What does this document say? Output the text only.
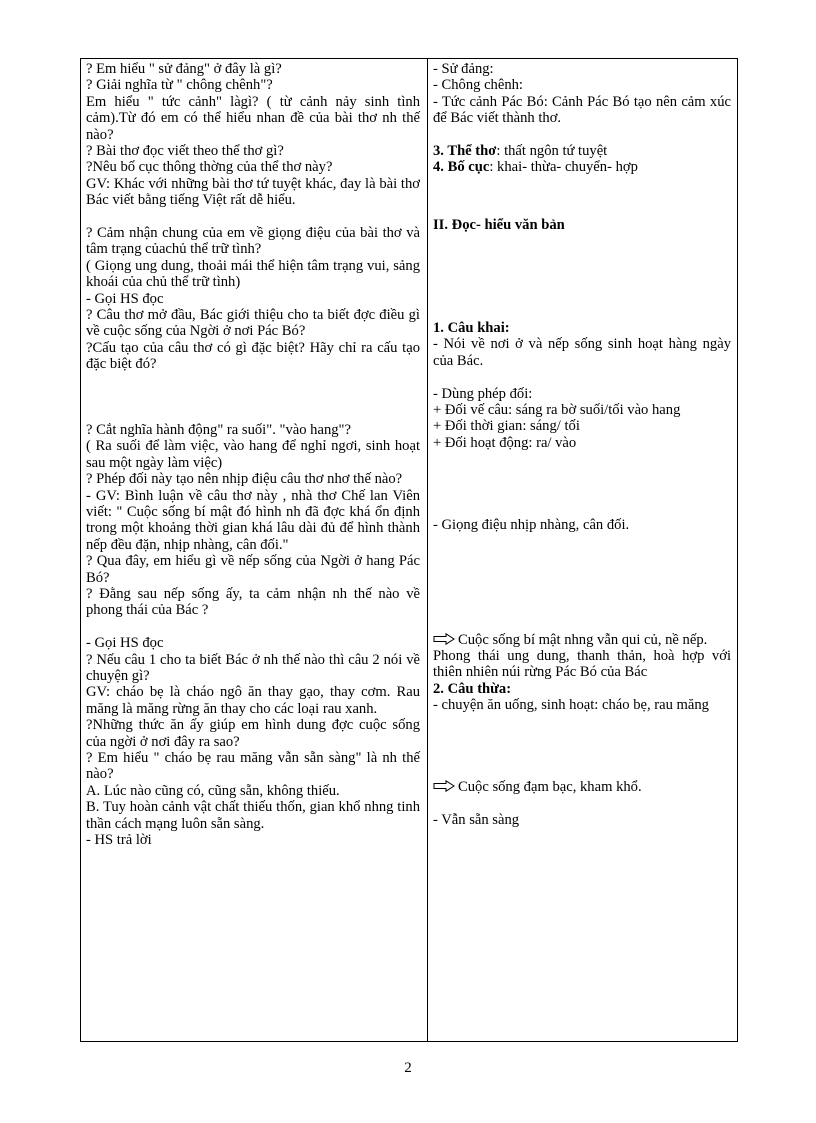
? Em hiểu " sử đảng" ở đây là gì?

? Giải nghĩa từ " chông chênh"?

Em hiểu " tức cảnh" làgì? ( từ cảnh nảy sinh tình cảm).Từ đó em có thể hiểu nhan đề của bài thơ nh thế nào?

? Bài thơ đọc viết theo thể thơ gì?

?Nêu bố cục thông thờng của thể thơ này?

GV: Khác với những bài thơ tứ tuyệt khác, đay là bài thơ Bác viết bằng tiếng Việt rất dễ hiểu.

? Cảm nhận chung của em về giọng điệu của bài thơ và tâm trạng củachủ thể trữ tình?

( Giọng ung dung, thoải mái thể hiện tâm trạng vui, sảng khoái của chủ thể trữ tình)

- Gọi HS đọc

? Câu thơ mở đầu, Bác giới thiệu cho ta biết đợc điều gì về cuộc sống của Ngời ở nơi Pác Bó?

?Cấu tạo của câu thơ có gì đặc biệt? Hãy chỉ ra cấu tạo đặc biệt đó?

? Cắt nghĩa hành động" ra suối". "vào hang"?

( Ra suối để làm việc, vào hang để nghỉ ngơi, sinh hoạt sau một ngày làm việc)

? Phép đối này tạo nên nhịp điệu câu thơ nhơ thế nào?

- GV: Bình luận về câu thơ này , nhà thơ Chế lan Viên viết: " Cuộc sống bí mật đó hình nh đã đợc khá ổn định trong một khoảng thời gian khá lâu dài đủ để hình thành nếp đều đặn, nhịp nhàng, cân đối."

? Qua đây, em hiểu gì về nếp sống của Ngời ở hang Pác Bó?

? Đằng sau nếp sống ấy, ta cảm nhận nh thế nào về phong thái của Bác ?

- Gọi HS đọc

? Nếu câu 1 cho ta biết Bác ở nh thế nào thì câu 2 nói về chuyện gì?

GV: cháo bẹ là cháo ngô ăn thay gạo, thay cơm. Rau măng là măng rừng ăn thay cho các loại rau xanh.

?Những thức ăn ấy giúp em hình dung đợc cuộc sống của ngời ở nơi đây ra sao?

? Em hiểu " cháo bẹ rau măng vẫn sẵn sàng" là nh thế nào?

A. Lúc nào cũng có, cũng sẵn, không thiếu.

B. Tuy hoàn cảnh vật chất thiếu thốn, gian khổ nhng tinh thần cách mạng luôn sẵn sàng.

- HS trả lời

- Sử đảng:

- Chông chênh:

- Tức cảnh Pác Bó: Cảnh Pác Bó tạo nên cảm xúc để Bác viết thành thơ.

3. Thể thơ: thất ngôn tứ tuyệt

4. Bố cục: khai- thừa- chuyển- hợp

II. Đọc- hiểu văn bản

1. Câu khai:

- Nói về nơi ở và nếp sống sinh hoạt hàng ngày của Bác.

- Dùng phép đối:

+ Đối vế câu: sáng ra bờ suối/tối vào hang

+ Đối thời gian: sáng/ tối

+ Đối hoạt động: ra/ vào

- Giọng điệu nhịp nhàng, cân đối.

Cuộc sống bí mật nhng vẫn qui củ, nề nếp.

Phong thái ung dung, thanh thản, hoà hợp với thiên nhiên núi rừng Pác Bó của Bác

2. Câu thừa:

- chuyện ăn uống, sinh hoạt: cháo bẹ, rau măng

Cuộc sống đạm bạc, kham khổ.

- Vẫn sẵn sàng

2
